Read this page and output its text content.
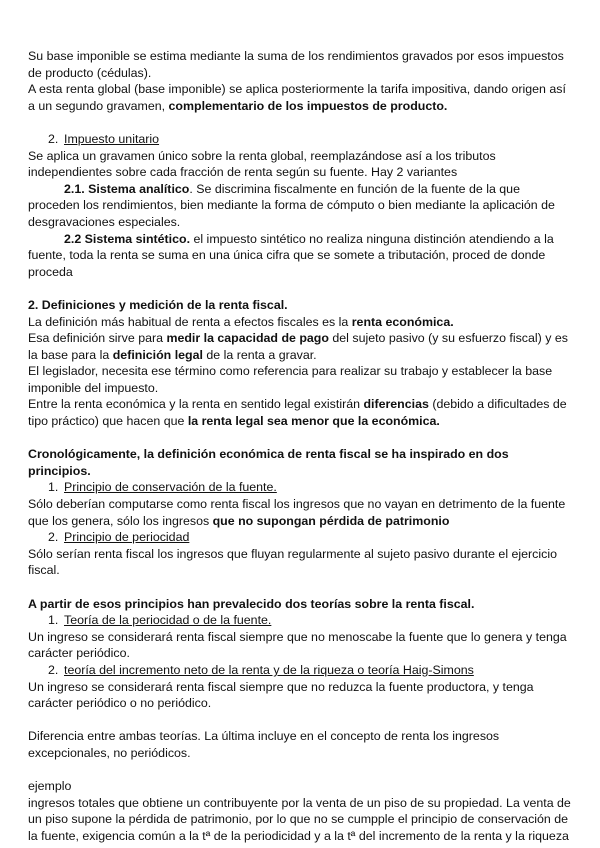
Su base imponible se estima mediante la suma de los rendimientos gravados por esos impuestos de producto (cédulas).

A esta renta global (base imponible) se aplica posteriormente la tarifa impositiva, dando origen así a un segundo gravamen, complementario de los impuestos de producto.

2. Impuesto unitario

Se aplica un gravamen único sobre la renta global, reemplazándose así a los tributos independientes sobre cada fracción de renta según su fuente. Hay 2 variantes

2.1. Sistema analítico. Se discrimina fiscalmente en función de la fuente de la que proceden los rendimientos, bien mediante la forma de cómputo o bien mediante la aplicación de desgravaciones especiales.

2.2 Sistema sintético. el impuesto sintético no realiza ninguna distinción atendiendo a la fuente, toda la renta se suma en una única cifra que se somete a tributación, proced de donde proceda

2. Definiciones y medición de la renta fiscal.

La definición más habitual de renta a efectos fiscales es la renta económica.

Esa definición sirve para medir la capacidad de pago del sujeto pasivo (y su esfuerzo fiscal) y es la base para la definición legal de la renta a gravar.

El legislador, necesita ese término como referencia para realizar su trabajo y establecer la base imponible del impuesto.

Entre la renta económica y la renta en sentido legal existirán diferencias (debido a dificultades de tipo práctico) que hacen que la renta legal sea menor que la económica.

Cronológicamente, la definición económica de renta fiscal se ha inspirado en dos principios.

1. Principio de conservación de la fuente.

Sólo deberían computarse como renta fiscal los ingresos que no vayan en detrimento de la fuente que los genera, sólo los ingresos que no supongan pérdida de patrimonio

2. Principio de periocidad

Sólo serían renta fiscal los ingresos que fluyan regularmente al sujeto pasivo durante el ejercicio fiscal.

A partir de esos principios han prevalecido dos teorías sobre la renta fiscal.

1. Teoría de la periocidad o de la fuente.

Un ingreso se considerará renta fiscal siempre que no menoscabe la fuente que lo genera y tenga carácter periódico.

2. teoría del incremento neto de la renta y de la riqueza o teoría Haig-Simons

Un ingreso se considerará renta fiscal siempre que no reduzca la fuente productora, y tenga carácter periódico o no periódico.

Diferencia entre ambas teorías. La última incluye en el concepto de renta los ingresos excepcionales, no periódicos.

ejemplo

ingresos totales que obtiene un contribuyente por la venta de un piso de su propiedad. La venta de un piso supone la pérdida de patrimonio, por lo que no se cumpple el principio de conservación de la fuente, exigencia común a la tª de la periodicidad y a la tª del incremento de la renta y la riqueza
